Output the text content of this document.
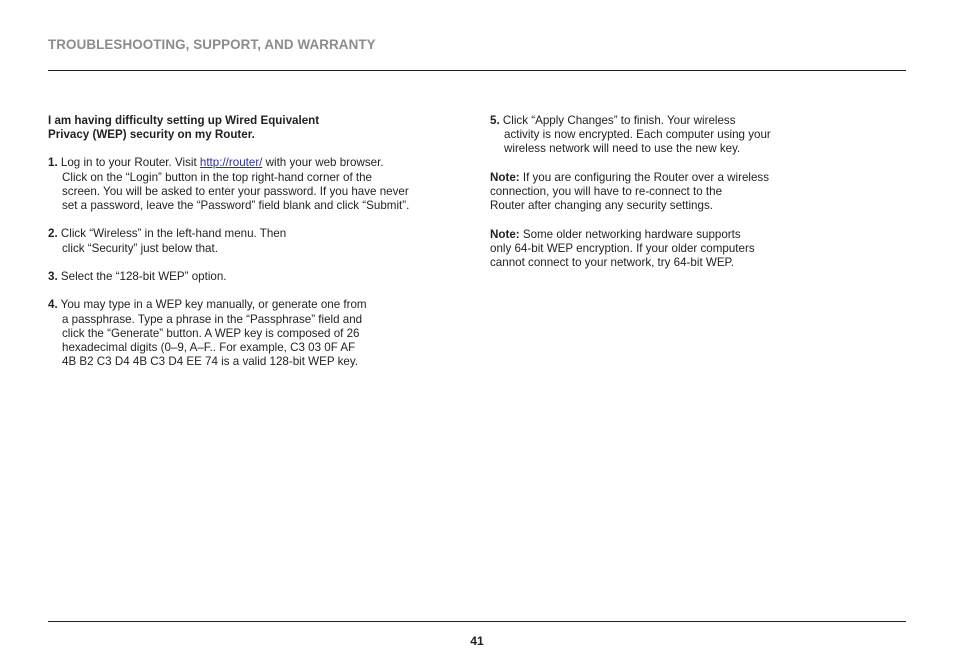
TROUBLESHOOTING, SUPPORT, AND WARRANTY
I am having difficulty setting up Wired Equivalent
Privacy (WEP) security on my Router.
1. Log in to your Router. Visit http://router/ with your web browser.
Click on the “Login” button in the top right-hand corner of the
screen. You will be asked to enter your password. If you have never
set a password, leave the “Password” field blank and click “Submit”.
2. Click “Wireless” in the left-hand menu. Then
click “Security” just below that.
3. Select the “128-bit WEP” option.
4. You may type in a WEP key manually, or generate one from
a passphrase. Type a phrase in the “Passphrase” field and
click the “Generate” button. A WEP key is composed of 26
hexadecimal digits (0–9, A–F.. For example, C3 03 0F AF
4B B2 C3 D4 4B C3 D4 EE 74 is a valid 128-bit WEP key.
5. Click “Apply Changes” to finish. Your wireless
activity is now encrypted. Each computer using your
wireless network will need to use the new key.
Note: If you are configuring the Router over a wireless
connection, you will have to re-connect to the
Router after changing any security settings.
Note: Some older networking hardware supports
only 64-bit WEP encryption. If your older computers
cannot connect to your network, try 64-bit WEP.
41
